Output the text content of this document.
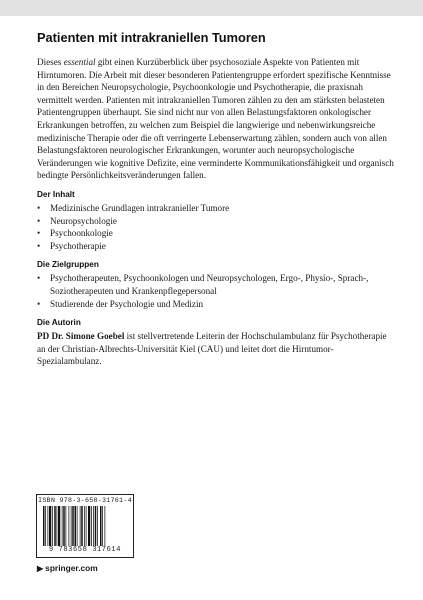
Patienten mit intrakraniellen Tumoren

Dieses essential gibt einen Kurzüberblick über psychosoziale Aspekte von Patienten mit Hirntumoren. Die Arbeit mit dieser besonderen Patientengruppe erfordert spezifische Kenntnisse in den Bereichen Neuropsychologie, Psychoonkologie und Psychotherapie, die praxisnah vermittelt werden. Patienten mit intrakraniellen Tumoren zählen zu den am stärksten belasteten Patientengruppen überhaupt. Sie sind nicht nur von allen Belastungsfaktoren onkologischer Erkrankungen betroffen, zu welchen zum Beispiel die langwierige und nebenwirkungsreiche medizinische Therapie oder die oft verringerte Lebenserwartung zählen, sondern auch von allen Belastungsfaktoren neurologischer Erkrankungen, worunter auch neuropsychologische Veränderungen wie kognitive Defizite, eine verminderte Kommunikationsfähigkeit und organisch bedingte Persönlichkeitsveränderungen fallen.

Der Inhalt
• Medizinische Grundlagen intrakranieller Tumore
• Neuropsychologie
• Psychoonkologie
• Psychotherapie
Die Zielgruppen
• Psychotherapeuten, Psychoonkologen und Neuropsychologen, Ergo-, Physio-, Sprach-, Soziotherapeuten und Krankenpflegepersonal
• Studierende der Psychologie und Medizin
Die Autorin

PD Dr. Simone Goebel ist stellvertretende Leiterin der Hochschulambulanz für Psychotherapie an der Christian-Albrechts-Universität Kiel (CAU) und leitet dort die Hirntumor-Spezialambulanz.

ISBN 978-3-658-31761-4
9 783658 317614
▶ springer.com
